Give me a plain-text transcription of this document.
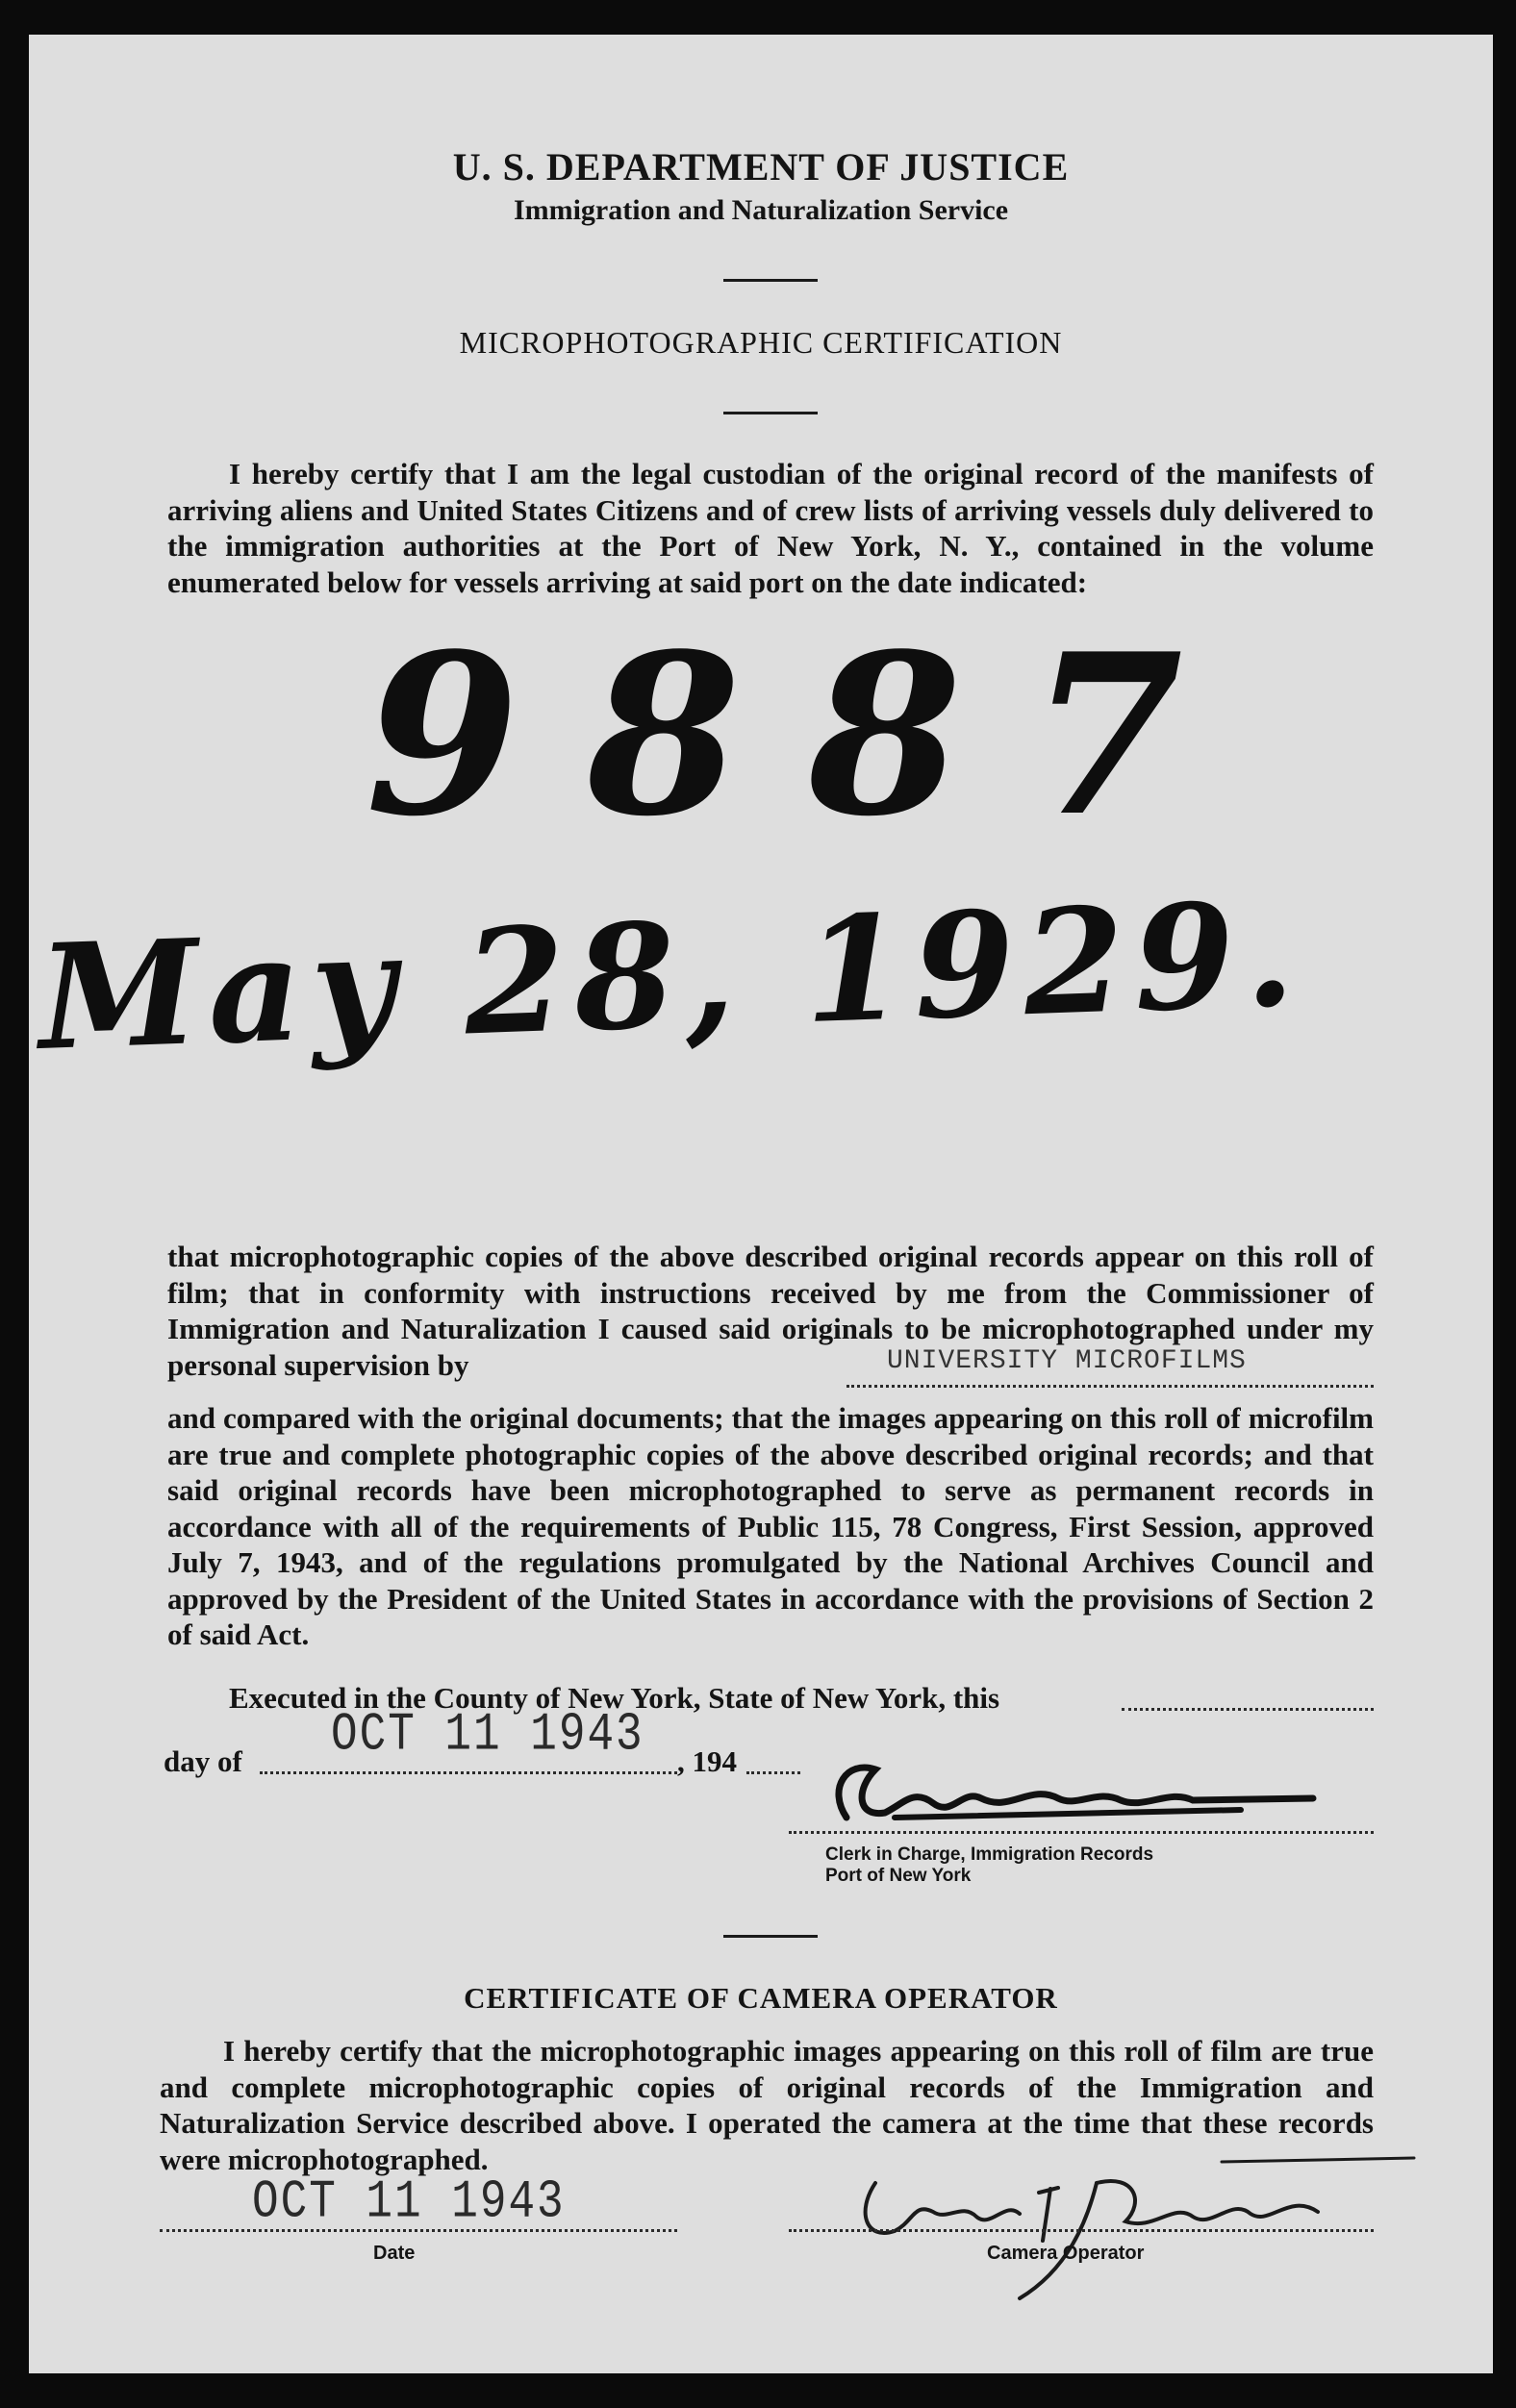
U. S. DEPARTMENT OF JUSTICE
Immigration and Naturalization Service
MICROPHOTOGRAPHIC CERTIFICATION
I hereby certify that I am the legal custodian of the original record of the manifests of arriving aliens and United States Citizens and of crew lists of arriving vessels duly delivered to the immigration authorities at the Port of New York, N. Y., contained in the volume enumerated below for vessels arriving at said port on the date indicated:
9887
May 28, 1929.
that microphotographic copies of the above described original records appear on this roll of film; that in conformity with instructions received by me from the Commissioner of Immigration and Naturalization I caused said originals to be microphotographed under my personal supervision by	UNIVERSITY MICROFILMS
and compared with the original documents; that the images appearing on this roll of microfilm are true and complete photographic copies of the above described original records; and that said original records have been microphotographed to serve as permanent records in accordance with all of the requirements of Public 115, 78 Congress, First Session, approved July 7, 1943, and of the regulations promulgated by the National Archives Council and approved by the President of the United States in accordance with the provisions of Section 2 of said Act.
Executed in the County of New York, State of New York, this
day of OCT 11 1943 , 194
Clerk in Charge, Immigration Records
Port of New York
CERTIFICATE OF CAMERA OPERATOR
I hereby certify that the microphotographic images appearing on this roll of film are true and complete microphotographic copies of original records of the Immigration and Naturalization Service described above. I operated the camera at the time that these records were microphotographed.
OCT 11 1943
Date	Camera Operator
